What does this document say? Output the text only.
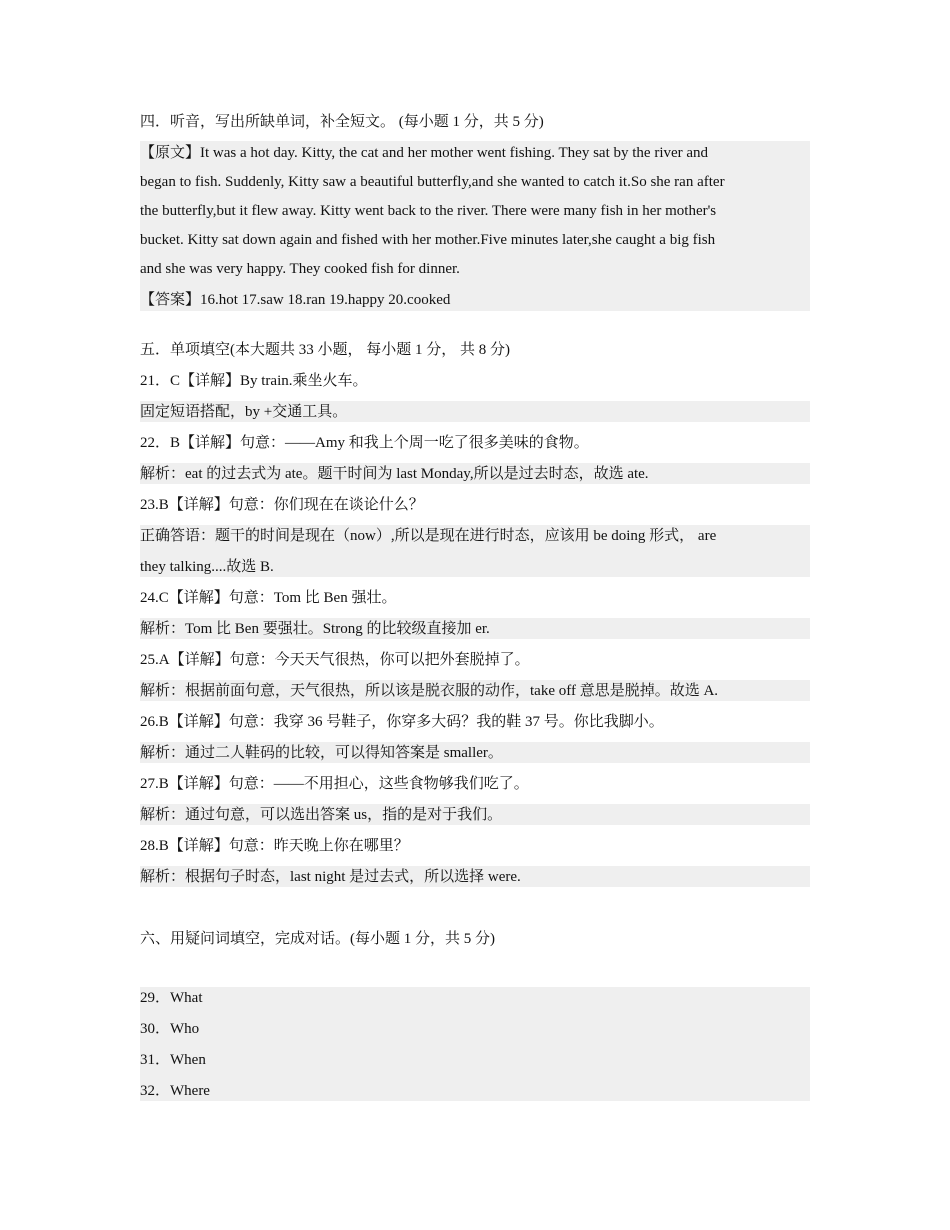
四．听音，写出所缺单词，补全短文。 (每小题 1 分，共 5 分)
【原文】It was a hot day. Kitty, the cat and her mother went fishing. They sat by the river and
began to fish. Suddenly, Kitty saw a beautiful butterfly,and she wanted to catch it.So she ran after
the butterfly,but it flew away. Kitty went back to the river. There were many fish in her mother's
bucket. Kitty sat down again and fished with her mother.Five minutes later,she caught a big fish
and she was very happy. They cooked fish for dinner.
【答案】16.hot 17.saw 18.ran 19.happy 20.cooked
五．单项填空(本大题共 33 小题， 每小题 1 分， 共 8 分)
21．C【详解】By train.乘坐火车。
固定短语搭配，by +交通工具。
22．B【详解】句意：——Amy 和我上个周一吃了很多美味的食物。
解析：eat 的过去式为 ate。题干时间为 last Monday,所以是过去时态，故选 ate.
23.B【详解】句意：你们现在在谈论什么？
正确答语：题干的时间是现在（now）,所以是现在进行时态，应该用 be doing 形式， are
they talking....故选 B.
24.C【详解】句意：Tom 比 Ben 强壮。
解析：Tom 比 Ben 要强壮。Strong 的比较级直接加 er.
25.A【详解】句意：今天天气很热，你可以把外套脱掉了。
解析：根据前面句意，天气很热，所以该是脱衣服的动作，take off 意思是脱掉。故选 A.
26.B【详解】句意：我穿 36 号鞋子，你穿多大码？我的鞋 37 号。你比我脚小。
解析：通过二人鞋码的比较，可以得知答案是 smaller。
27.B【详解】句意：——不用担心，这些食物够我们吃了。
解析：通过句意，可以选出答案 us，指的是对于我们。
28.B【详解】句意：昨天晚上你在哪里？
解析：根据句子时态，last night 是过去式，所以选择 were.
六、用疑问词填空，完成对话。(每小题 1 分，共 5 分)
29．What
30．Who
31．When
32．Where
